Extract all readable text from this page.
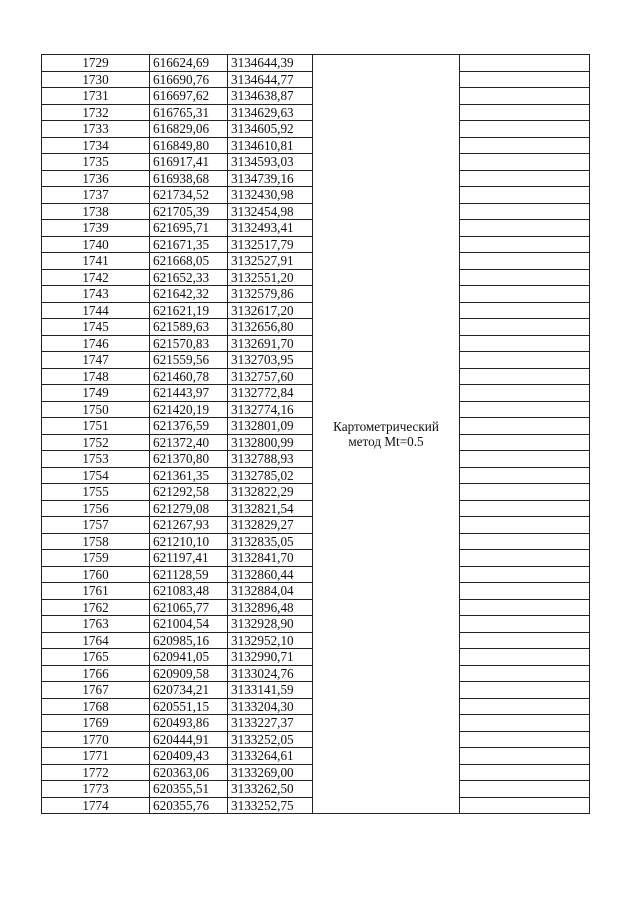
1729	616624,69	3134644,39	Картометрический метод Mt=0.5	
1730	616690,76	3134644,77		
1731	616697,62	3134638,87		
1732	616765,31	3134629,63		
1733	616829,06	3134605,92		
1734	616849,80	3134610,81		
1735	616917,41	3134593,03		
1736	616938,68	3134739,16		
1737	621734,52	3132430,98		
1738	621705,39	3132454,98		
1739	621695,71	3132493,41		
1740	621671,35	3132517,79		
1741	621668,05	3132527,91		
1742	621652,33	3132551,20		
1743	621642,32	3132579,86		
1744	621621,19	3132617,20		
1745	621589,63	3132656,80		
1746	621570,83	3132691,70		
1747	621559,56	3132703,95		
1748	621460,78	3132757,60		
1749	621443,97	3132772,84		
1750	621420,19	3132774,16		
1751	621376,59	3132801,09		
1752	621372,40	3132800,99		
1753	621370,80	3132788,93		
1754	621361,35	3132785,02		
1755	621292,58	3132822,29		
1756	621279,08	3132821,54		
1757	621267,93	3132829,27		
1758	621210,10	3132835,05		
1759	621197,41	3132841,70		
1760	621128,59	3132860,44		
1761	621083,48	3132884,04		
1762	621065,77	3132896,48		
1763	621004,54	3132928,90		
1764	620985,16	3132952,10		
1765	620941,05	3132990,71		
1766	620909,58	3133024,76		
1767	620734,21	3133141,59		
1768	620551,15	3133204,30		
1769	620493,86	3133227,37		
1770	620444,91	3133252,05		
1771	620409,43	3133264,61		
1772	620363,06	3133269,00		
1773	620355,51	3133262,50		
1774	620355,76	3133252,75		
